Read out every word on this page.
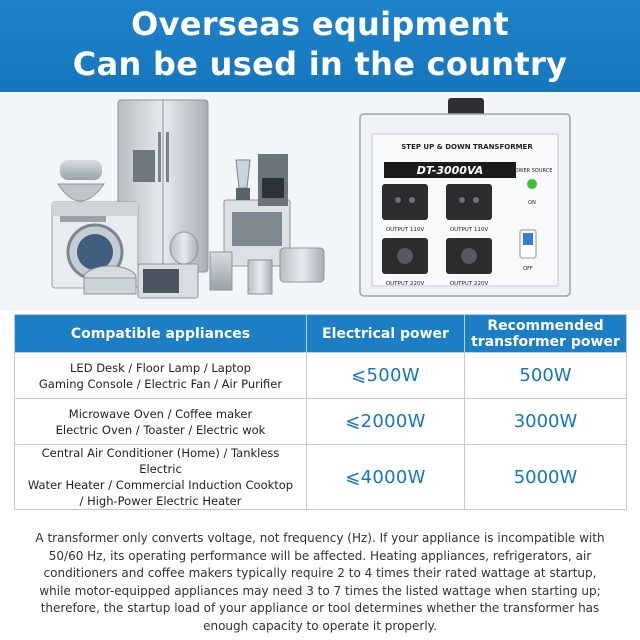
Overseas equipment
Can be used in the country
STEP UP & DOWN TRANSFORMER
DT-3000VA
OUTPUT 110V	OUTPUT 110V
OUTPUT 220V	OUTPUT 220V
POWER SOURCE
ON
OFF
Compatible appliances	Electrical power	Recommended transformer power

LED Desk / Floor Lamp / Laptop
Gaming Console / Electric Fan / Air Purifier	⩽500W	500W

Microwave Oven / Coffee maker
Electric Oven / Toaster / Electric wok	⩽2000W	3000W

Central Air Conditioner (Home) / Tankless Electric
Water Heater / Commercial Induction Cooktop
/ High-Power Electric Heater	⩽4000W	5000W

A transformer only converts voltage, not frequency (Hz). If your appliance is incompatible with 50/60 Hz, its operating performance will be affected. Heating appliances, refrigerators, air conditioners and coffee makers typically require 2 to 4 times their rated wattage at startup, while motor-equipped appliances may need 3 to 7 times the listed wattage when starting up; therefore, the startup load of your appliance or tool determines whether the transformer has enough capacity to operate it properly.
